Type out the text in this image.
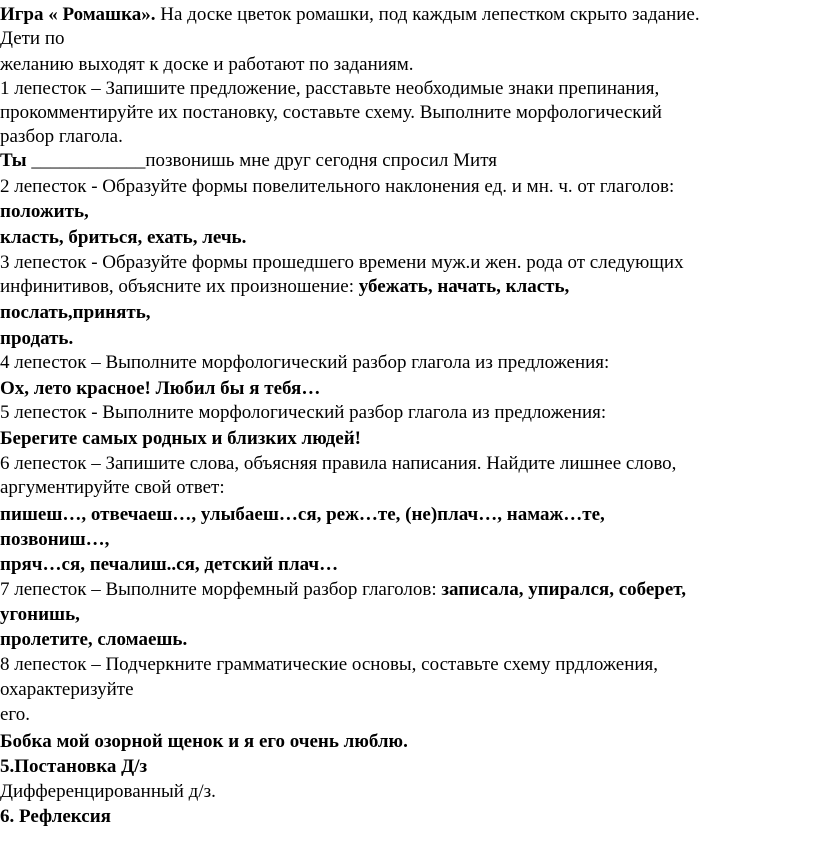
Игра « Ромашка». На доске цветок ромашки, под каждым лепестком скрыто задание.
Дети по
желанию выходят к доске и работают по заданиям.
1 лепесток – Запишите предложение, расставьте необходимые знаки препинания,
прокомментируйте их постановку, составьте схему. Выполните морфологический
разбор глагола.
Ты ____________позвонишь мне друг сегодня спросил Митя
2 лепесток - Образуйте формы повелительного наклонения ед. и мн. ч. от глаголов:
положить,
класть, бриться, ехать, лечь.
3 лепесток - Образуйте формы прошедшего времени муж.и жен. рода от следующих
инфинитивов, объясните их произношение: убежать, начать, класть,
послать,принять,
продать.
4 лепесток – Выполните морфологический разбор глагола из предложения:
Ох, лето красное! Любил бы я тебя…
5 лепесток - Выполните морфологический разбор глагола из предложения:
Берегите самых родных и близких людей!
6 лепесток – Запишите слова, объясняя правила написания. Найдите лишнее слово,
аргументируйте свой ответ:
пишеш…, отвечаеш…, улыбаеш…ся, реж…те, (не)плач…, намаж…те,
позвониш…,
пряч…ся, печалиш..ся, детский плач…
7 лепесток – Выполните морфемный разбор глаголов: записала, упирался, соберет,
угонишь,
пролетите, сломаешь.
8 лепесток – Подчеркните грамматические основы, составьте схему прдложения,
охарактеризуйте
его.
Бобка мой озорной щенок и я его очень люблю.
5.Постановка Д/з
Дифференцированный д/з.
6. Рефлексия
